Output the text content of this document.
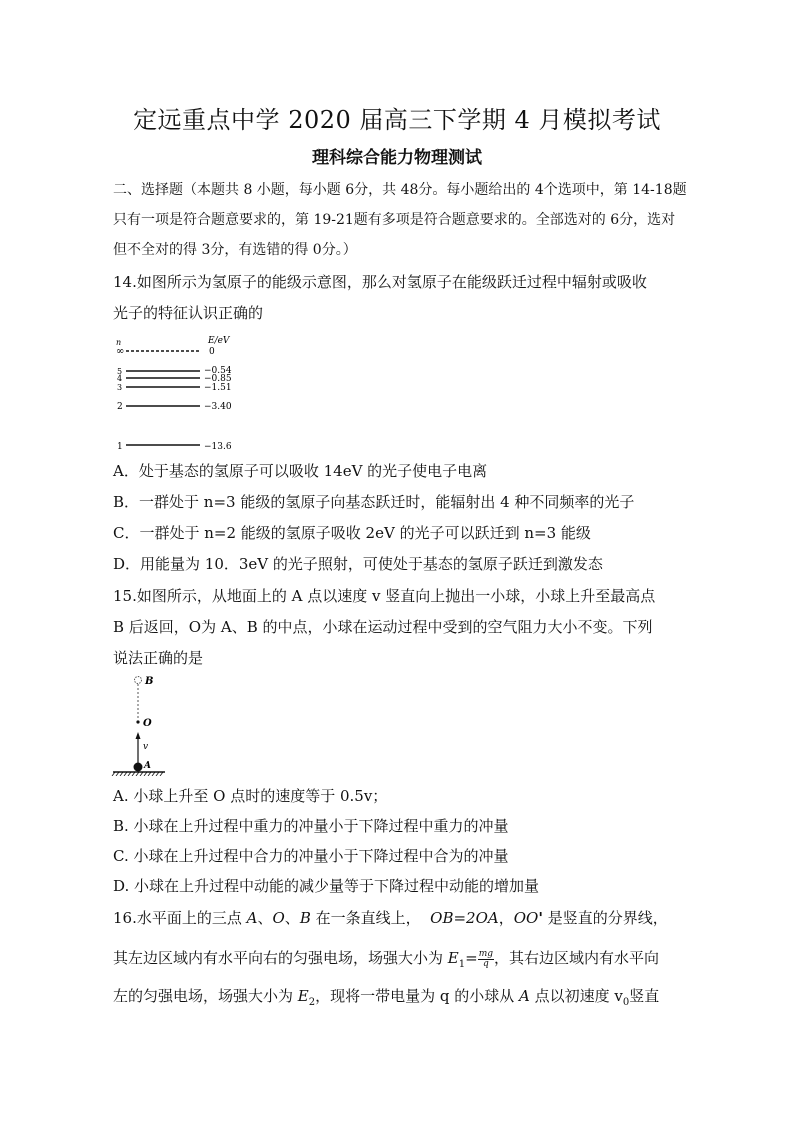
定远重点中学 2020 届高三下学期 4 月模拟考试
理科综合能力物理测试

二、选择题（本题共 8 小题，每小题 6分，共 48分。每小题给出的 4个选项中，第 14-18题

只有一项是符合题意要求的，第 19-21题有多项是符合题意要求的。全部选对的 6分，选对

但不全对的得 3分，有选错的得 0分。）

14.如图所示为氢原子的能级示意图，那么对氢原子在能级跃迁过程中辐射或吸收

光子的特征认识正确的

n	E/eV
∞	0
5	−0.54
4	−0.85
3	−1.51
2	−3.40
1	−13.6

A．处于基态的氢原子可以吸收 14eV 的光子使电子电离

B．一群处于 n=3 能级的氢原子向基态跃迁时，能辐射出 4 种不同频率的光子

C．一群处于 n=2 能级的氢原子吸收 2eV 的光子可以跃迁到 n=3 能级

D．用能量为 10．3eV 的光子照射，可使处于基态的氢原子跃迁到激发态

15.如图所示，从地面上的 A 点以速度 v 竖直向上抛出一小球，小球上升至最高点

B 后返回，O为 A、B 的中点，小球在运动过程中受到的空气阻力大小不变。下列

说法正确的是

B
O
v
A

A. 小球上升至 O 点时的速度等于 0.5v；

B. 小球在上升过程中重力的冲量小于下降过程中重力的冲量

C. 小球在上升过程中合力的冲量小于下降过程中合为的冲量

D. 小球在上升过程中动能的减少量等于下降过程中动能的增加量

16.水平面上的三点 A、O、B 在一条直线上，  OB=2OA，OO' 是竖直的分界线，

其左边区域内有水平向右的匀强电场，场强大小为 $E_1= \frac{mg}{q}$ ，其右边区域内有水平向

左的匀强电场，场强大小为 $E_2$，现将一带电量为 q 的小球从 A 点以初速度 $v_0$竖直
